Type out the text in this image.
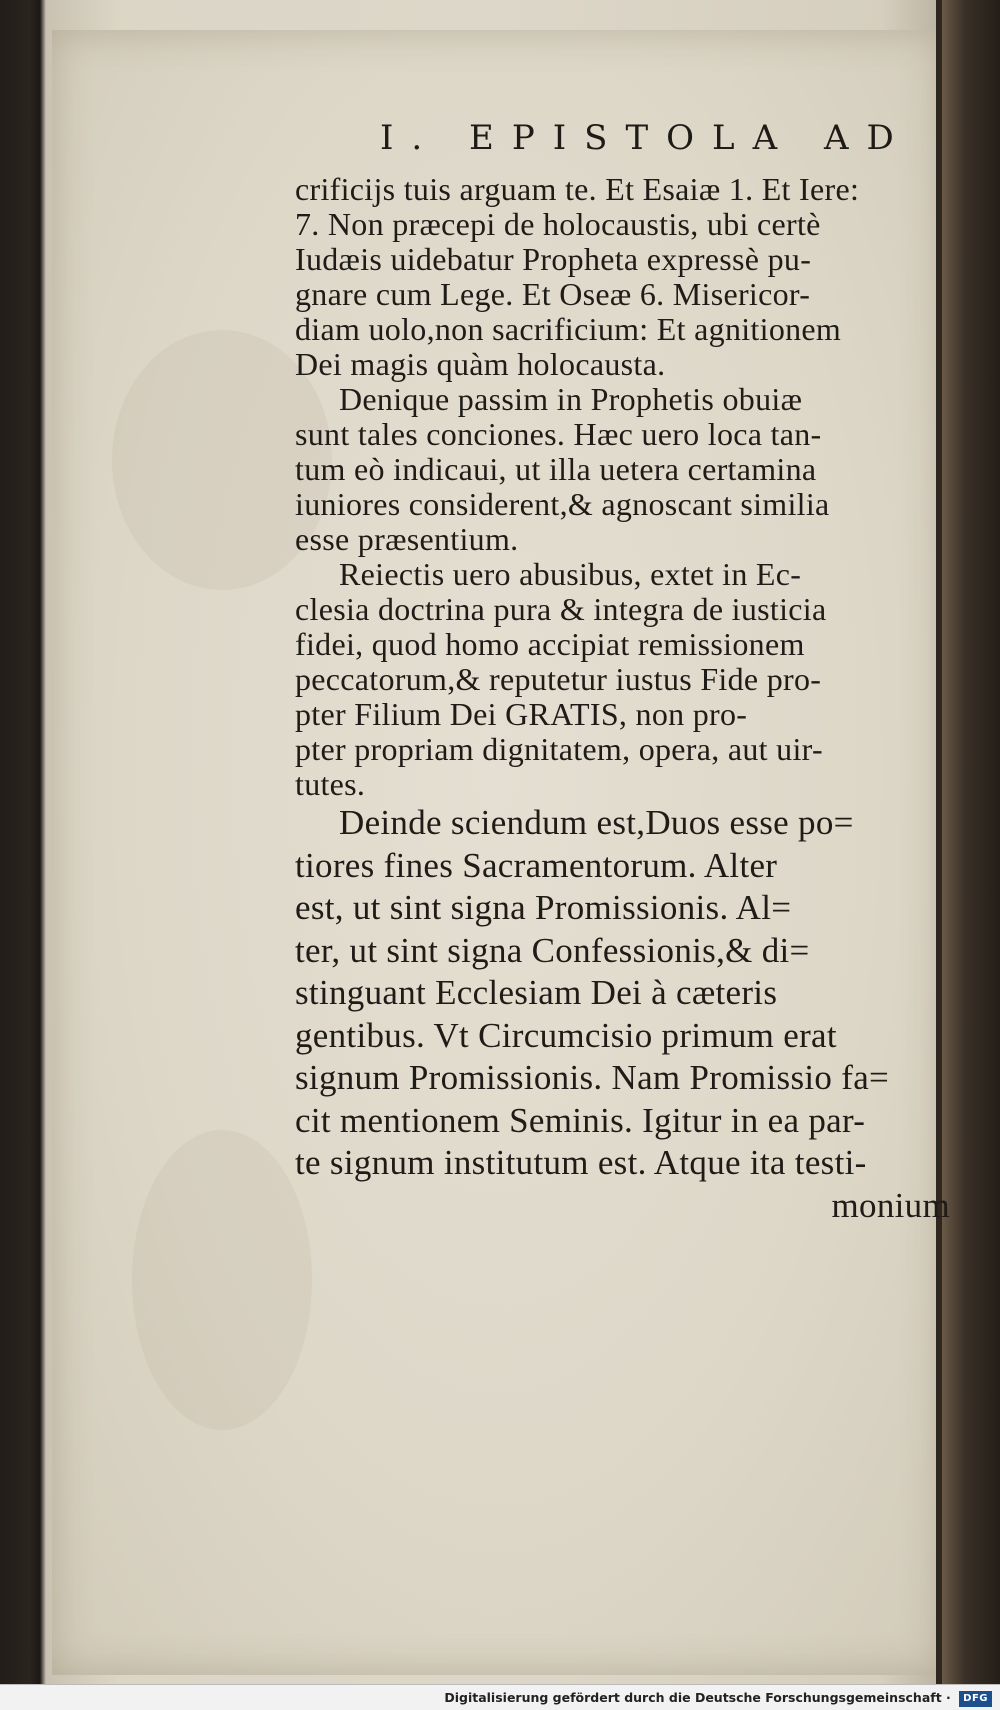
I. EPISTOLA AD
crificijs tuis arguam te. Et Esaiæ 1. Et Iere:
7. Non præcepi de holocaustis, ubi certè
Iudæis uidebatur Propheta expressè pu-
gnare cum Lege. Et Oseæ 6. Misericor-
diam uolo,non sacrificium: Et agnitionem
Dei magis quàm holocausta.
Denique passim in Prophetis obuiæ
sunt tales conciones. Hæc uero loca tan-
tum eò indicaui, ut illa uetera certamina
iuniores considerent,& agnoscant similia
esse præsentium.
Reiectis uero abusibus, extet in Ec-
clesia doctrina pura & integra de iusticia
fidei, quod homo accipiat remissionem
peccatorum,& reputetur iustus Fide pro-
pter Filium Dei GRATIS, non pro-
pter propriam dignitatem, opera, aut uir-
tutes.
Deinde sciendum est,Duos esse po=
tiores fines Sacramentorum. Alter
est, ut sint signa Promissionis. Al=
ter, ut sint signa Confessionis,& di=
stinguant Ecclesiam Dei à cæteris
gentibus. Vt Circumcisio primum erat
signum Promissionis. Nam Promissio fa=
cit mentionem Seminis. Igitur in ea par-
te signum institutum est. Atque ita testi-
monium
Digitalisierung gefördert durch die Deutsche Forschungsgemeinschaft · DFG
